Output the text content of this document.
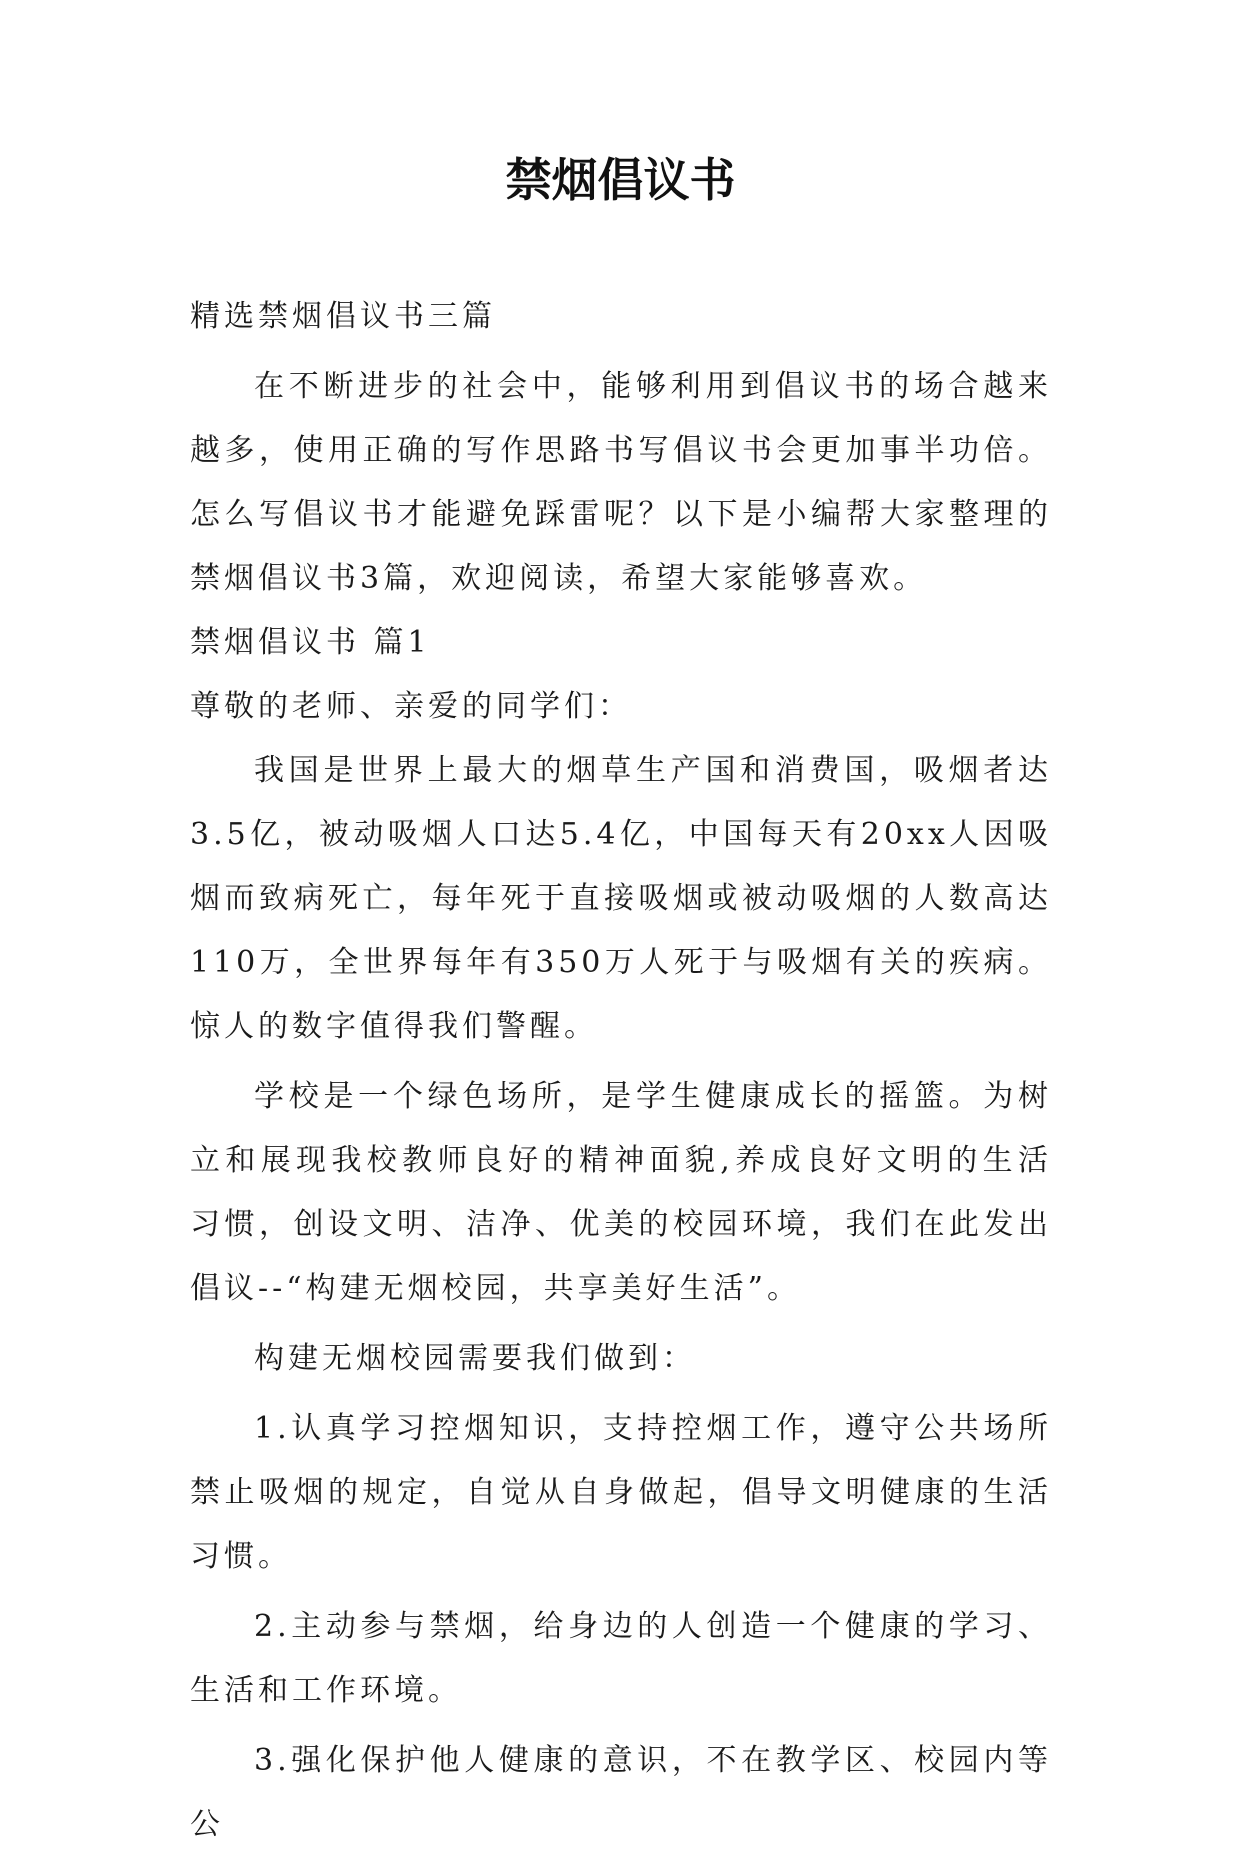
禁烟倡议书

精选禁烟倡议书三篇

在不断进步的社会中，能够利用到倡议书的场合越来越多，使用正确的写作思路书写倡议书会更加事半功倍。怎么写倡议书才能避免踩雷呢？以下是小编帮大家整理的禁烟倡议书3篇，欢迎阅读，希望大家能够喜欢。

禁烟倡议书 篇1

尊敬的老师、亲爱的同学们：

我国是世界上最大的烟草生产国和消费国，吸烟者达3.5亿，被动吸烟人口达5.4亿，中国每天有20xx人因吸烟而致病死亡，每年死于直接吸烟或被动吸烟的人数高达110万，全世界每年有350万人死于与吸烟有关的疾病。惊人的数字值得我们警醒。

学校是一个绿色场所，是学生健康成长的摇篮。为树立和展现我校教师良好的精神面貌,养成良好文明的生活习惯，创设文明、洁净、优美的校园环境，我们在此发出倡议--“构建无烟校园，共享美好生活”。

构建无烟校园需要我们做到：

1.认真学习控烟知识，支持控烟工作，遵守公共场所禁止吸烟的规定，自觉从自身做起，倡导文明健康的生活习惯。

2.主动参与禁烟，给身边的人创造一个健康的学习、生活和工作环境。

3.强化保护他人健康的意识，不在教学区、校园内等公
